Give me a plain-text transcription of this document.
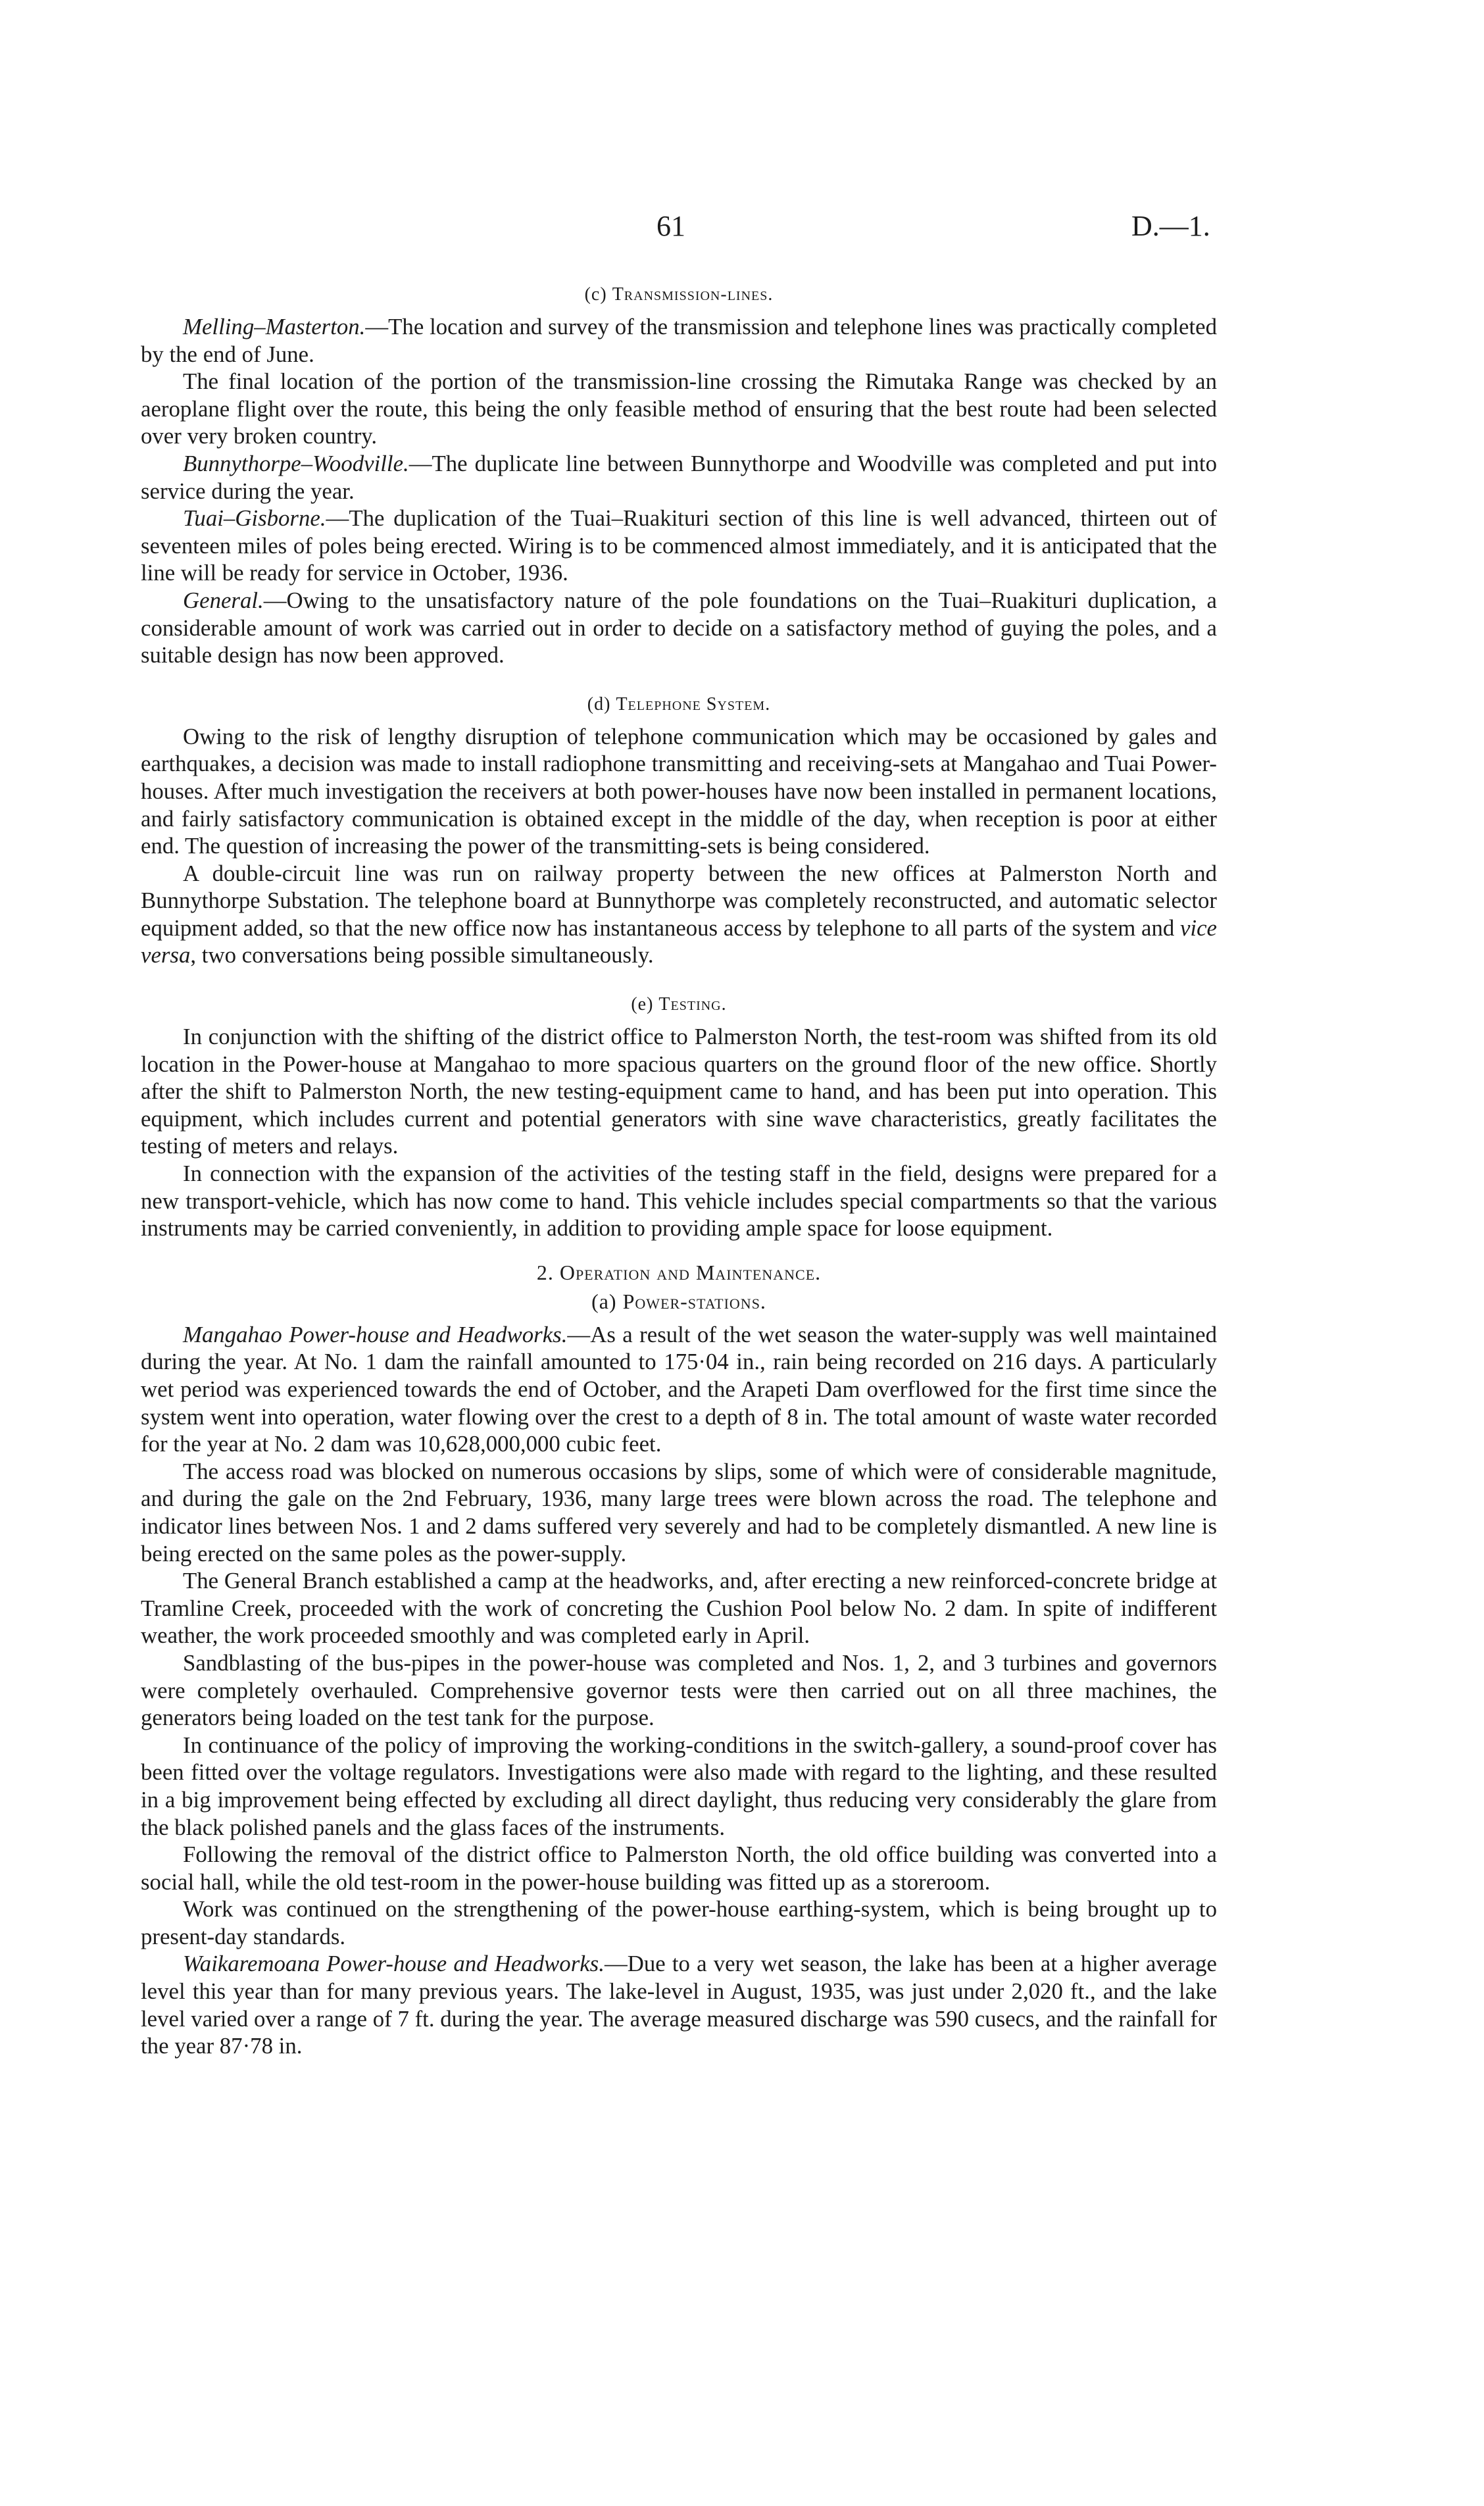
61	D.—1.
(c) Transmission-lines.

Melling–Masterton.—The location and survey of the transmission and telephone lines was practically completed by the end of June.

The final location of the portion of the transmission-line crossing the Rimutaka Range was checked by an aeroplane flight over the route, this being the only feasible method of ensuring that the best route had been selected over very broken country.

Bunnythorpe–Woodville.—The duplicate line between Bunnythorpe and Woodville was completed and put into service during the year.

Tuai–Gisborne.—The duplication of the Tuai–Ruakituri section of this line is well advanced, thirteen out of seventeen miles of poles being erected. Wiring is to be commenced almost immediately, and it is anticipated that the line will be ready for service in October, 1936.

General.—Owing to the unsatisfactory nature of the pole foundations on the Tuai–Ruakituri duplication, a considerable amount of work was carried out in order to decide on a satisfactory method of guying the poles, and a suitable design has now been approved.

(d) Telephone System.

Owing to the risk of lengthy disruption of telephone communication which may be occasioned by gales and earthquakes, a decision was made to install radiophone transmitting and receiving-sets at Mangahao and Tuai Power-houses. After much investigation the receivers at both power-houses have now been installed in permanent locations, and fairly satisfactory communication is obtained except in the middle of the day, when reception is poor at either end. The question of increasing the power of the transmitting-sets is being considered.

A double-circuit line was run on railway property between the new offices at Palmerston North and Bunnythorpe Substation. The telephone board at Bunnythorpe was completely reconstructed, and automatic selector equipment added, so that the new office now has instantaneous access by telephone to all parts of the system and vice versa, two conversations being possible simultaneously.

(e) Testing.

In conjunction with the shifting of the district office to Palmerston North, the test-room was shifted from its old location in the Power-house at Mangahao to more spacious quarters on the ground floor of the new office. Shortly after the shift to Palmerston North, the new testing-equipment came to hand, and has been put into operation. This equipment, which includes current and potential generators with sine wave characteristics, greatly facilitates the testing of meters and relays.

In connection with the expansion of the activities of the testing staff in the field, designs were prepared for a new transport-vehicle, which has now come to hand. This vehicle includes special compartments so that the various instruments may be carried conveniently, in addition to providing ample space for loose equipment.

2. Operation and Maintenance.
(a) Power-stations.

Mangahao Power-house and Headworks.—As a result of the wet season the water-supply was well maintained during the year. At No. 1 dam the rainfall amounted to 175·04 in., rain being recorded on 216 days. A particularly wet period was experienced towards the end of October, and the Arapeti Dam overflowed for the first time since the system went into operation, water flowing over the crest to a depth of 8 in. The total amount of waste water recorded for the year at No. 2 dam was 10,628,000,000 cubic feet.

The access road was blocked on numerous occasions by slips, some of which were of considerable magnitude, and during the gale on the 2nd February, 1936, many large trees were blown across the road. The telephone and indicator lines between Nos. 1 and 2 dams suffered very severely and had to be completely dismantled. A new line is being erected on the same poles as the power-supply.

The General Branch established a camp at the headworks, and, after erecting a new reinforced-concrete bridge at Tramline Creek, proceeded with the work of concreting the Cushion Pool below No. 2 dam. In spite of indifferent weather, the work proceeded smoothly and was completed early in April.

Sandblasting of the bus-pipes in the power-house was completed and Nos. 1, 2, and 3 turbines and governors were completely overhauled. Comprehensive governor tests were then carried out on all three machines, the generators being loaded on the test tank for the purpose.

In continuance of the policy of improving the working-conditions in the switch-gallery, a sound-proof cover has been fitted over the voltage regulators. Investigations were also made with regard to the lighting, and these resulted in a big improvement being effected by excluding all direct daylight, thus reducing very considerably the glare from the black polished panels and the glass faces of the instruments.

Following the removal of the district office to Palmerston North, the old office building was converted into a social hall, while the old test-room in the power-house building was fitted up as a storeroom.

Work was continued on the strengthening of the power-house earthing-system, which is being brought up to present-day standards.

Waikaremoana Power-house and Headworks.—Due to a very wet season, the lake has been at a higher average level this year than for many previous years. The lake-level in August, 1935, was just under 2,020 ft., and the lake level varied over a range of 7 ft. during the year. The average measured discharge was 590 cusecs, and the rainfall for the year 87·78 in.
